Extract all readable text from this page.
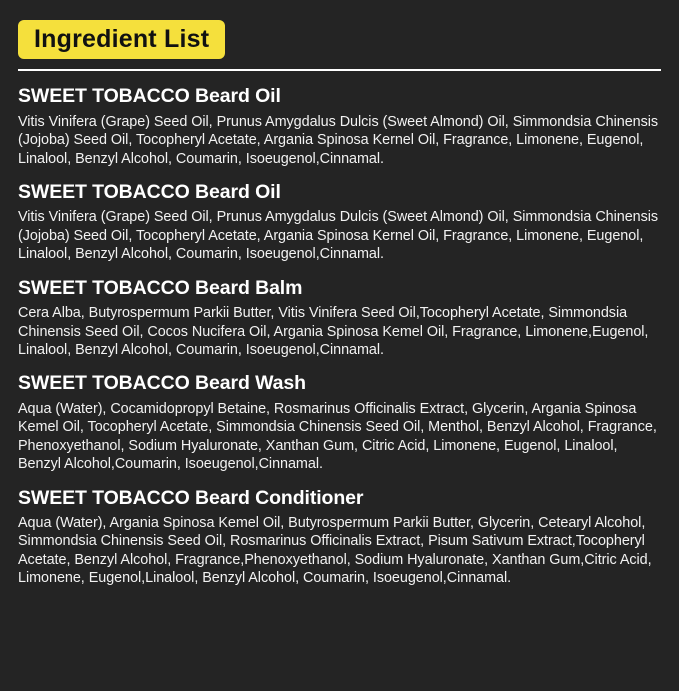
Ingredient List
SWEET TOBACCO Beard Oil

Vitis Vinifera (Grape) Seed Oil, Prunus Amygdalus Dulcis (Sweet Almond) Oil, Simmondsia Chinensis (Jojoba) Seed Oil, Tocopheryl Acetate, Argania Spinosa Kernel Oil, Fragrance, Limonene, Eugenol, Linalool, Benzyl Alcohol, Coumarin, Isoeugenol,Cinnamal.

SWEET TOBACCO Beard Oil

Vitis Vinifera (Grape) Seed Oil, Prunus Amygdalus Dulcis (Sweet Almond) Oil, Simmondsia Chinensis (Jojoba) Seed Oil, Tocopheryl Acetate, Argania Spinosa Kernel Oil, Fragrance, Limonene, Eugenol, Linalool, Benzyl Alcohol, Coumarin, Isoeugenol,Cinnamal.

SWEET TOBACCO Beard Balm

Cera Alba, Butyrospermum Parkii Butter, Vitis Vinifera Seed Oil,Tocopheryl Acetate, Simmondsia Chinensis Seed Oil, Cocos Nucifera Oil, Argania Spinosa Kemel Oil, Fragrance, Limonene,Eugenol, Linalool, Benzyl Alcohol, Coumarin, Isoeugenol,Cinnamal.

SWEET TOBACCO Beard Wash

Aqua (Water), Cocamidopropyl Betaine, Rosmarinus Officinalis Extract, Glycerin, Argania Spinosa Kemel Oil, Tocopheryl Acetate, Simmondsia Chinensis Seed Oil, Menthol, Benzyl Alcohol, Fragrance, Phenoxyethanol, Sodium Hyaluronate, Xanthan Gum, Citric Acid, Limonene, Eugenol, Linalool, Benzyl Alcohol,Coumarin, Isoeugenol,Cinnamal.

SWEET TOBACCO Beard Conditioner

Aqua (Water), Argania Spinosa Kemel Oil, Butyrospermum Parkii Butter, Glycerin, Cetearyl Alcohol, Simmondsia Chinensis Seed Oil, Rosmarinus Officinalis Extract, Pisum Sativum Extract,Tocopheryl Acetate, Benzyl Alcohol, Fragrance,Phenoxyethanol, Sodium Hyaluronate, Xanthan Gum,Citric Acid, Limonene, Eugenol,Linalool, Benzyl Alcohol, Coumarin, Isoeugenol,Cinnamal.
